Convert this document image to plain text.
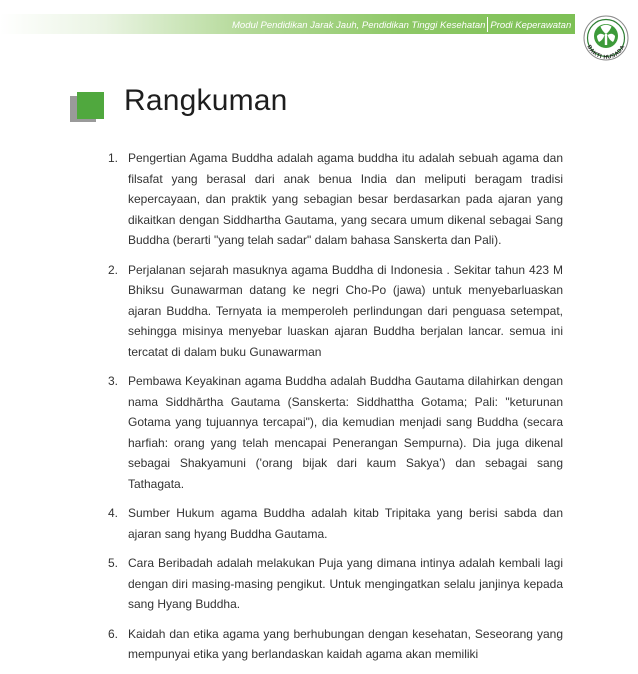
Modul Pendidikan Jarak Jauh, Pendidikan Tinggi Kesehatan Prodi Keperawatan
BAKTI HUSADA
Rangkuman
1. Pengertian Agama Buddha adalah agama buddha itu adalah sebuah agama dan filsafat yang berasal dari anak benua India dan meliputi beragam tradisi kepercayaan, dan praktik yang sebagian besar berdasarkan pada ajaran yang dikaitkan dengan Siddhartha Gautama, yang secara umum dikenal sebagai Sang Buddha (berarti "yang telah sadar" dalam bahasa Sanskerta dan Pali).
2. Perjalanan sejarah masuknya agama Buddha di Indonesia . Sekitar tahun 423 M Bhiksu Gunawarman datang ke negri Cho-Po (jawa) untuk menyebarluaskan ajaran Buddha. Ternyata ia memperoleh perlindungan dari penguasa setempat, sehingga misinya menyebar luaskan ajaran Buddha berjalan lancar. semua ini tercatat di dalam buku Gunawarman
3. Pembawa Keyakinan agama Buddha adalah Buddha Gautama dilahirkan dengan nama Siddhārtha Gautama (Sanskerta: Siddhattha Gotama; Pali: "keturunan Gotama yang tujuannya tercapai"), dia kemudian menjadi sang Buddha (secara harfiah: orang yang telah mencapai Penerangan Sempurna). Dia juga dikenal sebagai Shakyamuni ('orang bijak dari kaum Sakya') dan sebagai sang Tathagata.
4. Sumber Hukum agama Buddha adalah kitab Tripitaka yang berisi sabda dan ajaran sang hyang Buddha Gautama.
5. Cara Beribadah adalah melakukan Puja yang dimana intinya adalah kembali lagi dengan diri masing-masing pengikut. Untuk mengingatkan selalu janjinya kepada sang Hyang Buddha.
6. Kaidah dan etika agama yang berhubungan dengan kesehatan, Seseorang yang mempunyai etika yang berlandaskan kaidah agama akan memiliki
